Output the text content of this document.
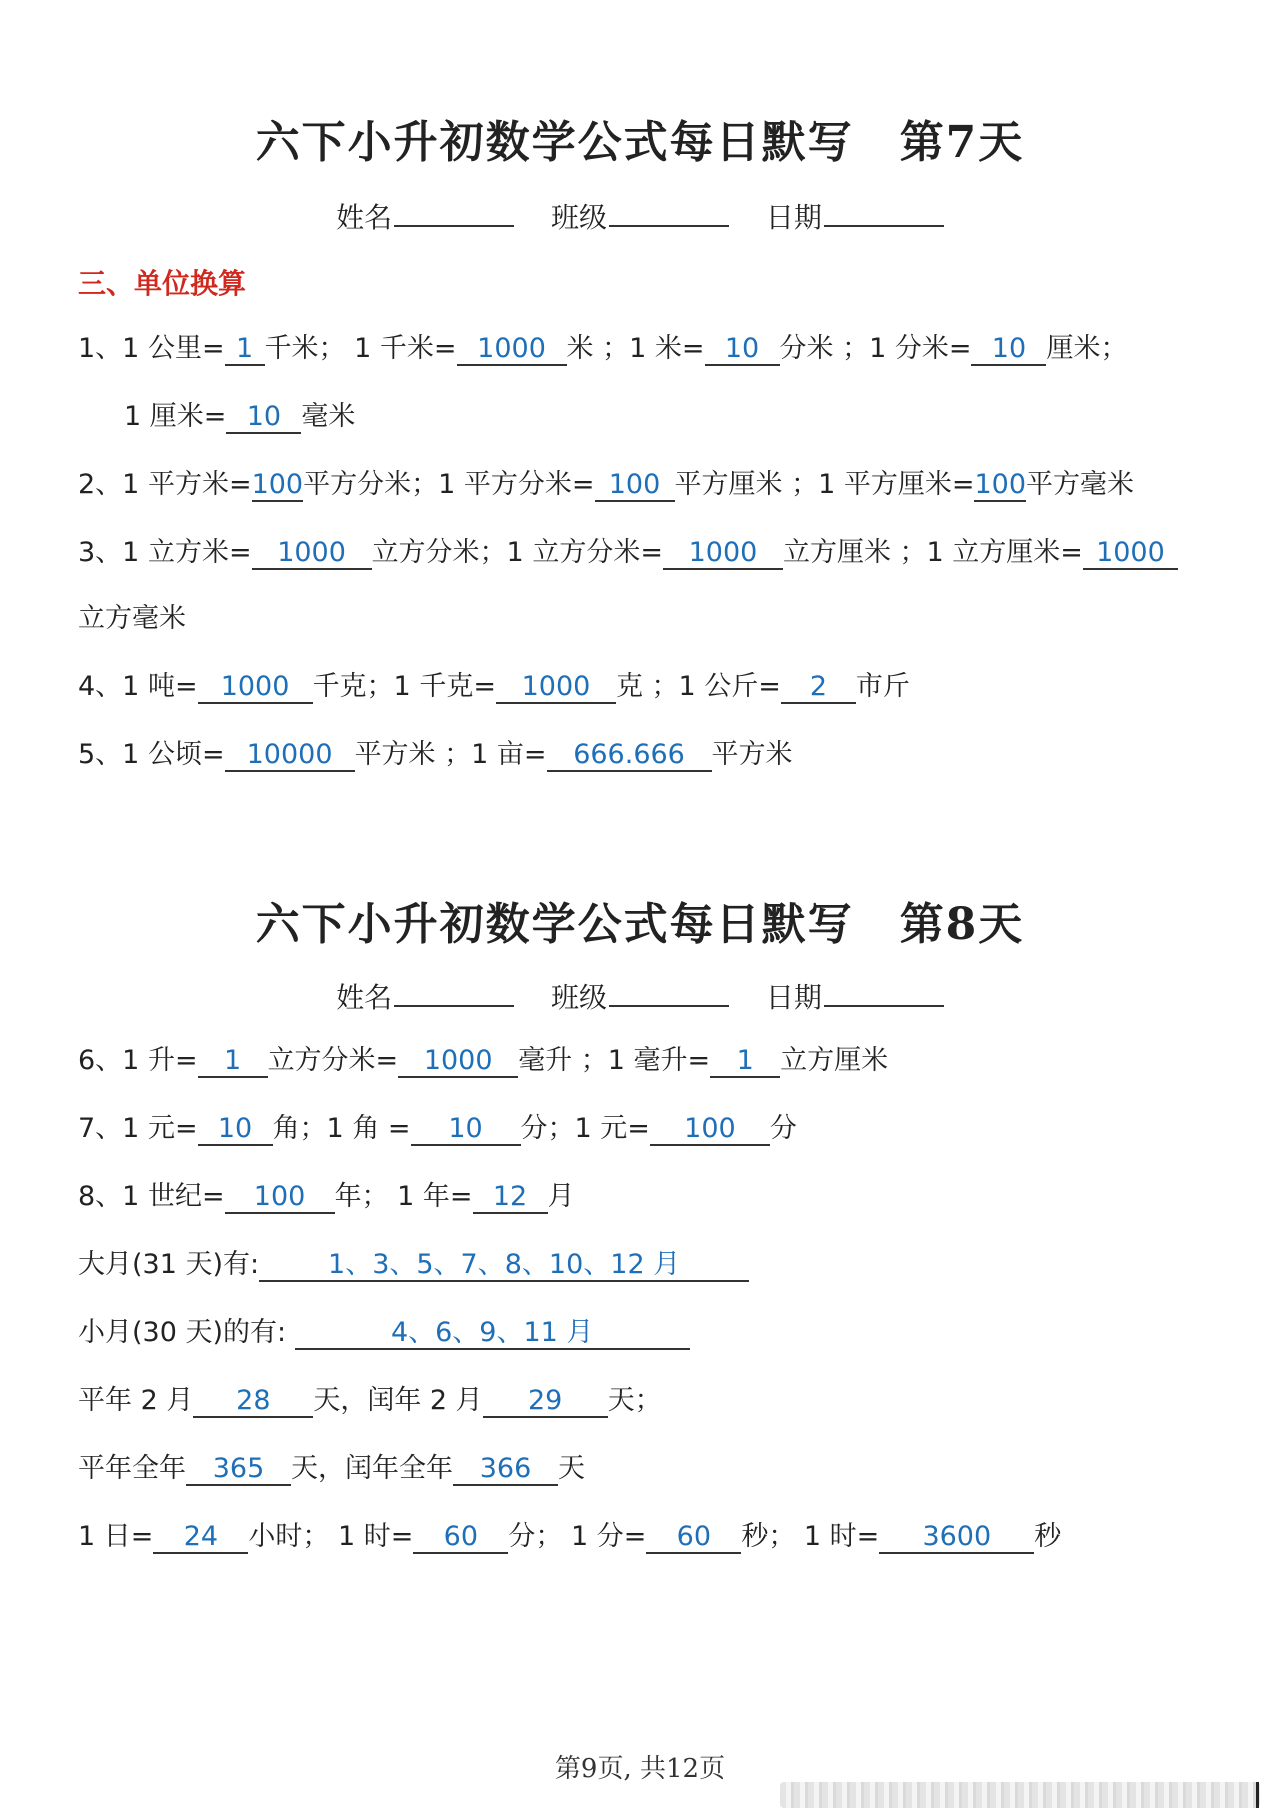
六下小升初数学公式每日默写 第7天
姓名	班级	日期
三、单位换算
1、1 公里= 1 千米； 1 千米= 1000 米 ；1 米= 10 分米 ；1 分米= 10 厘米；
1 厘米= 10 毫米
2、1 平方米=100平方分米；1 平方分米= 100 平方厘米 ；1 平方厘米=100平方毫米
3、1 立方米= 1000 立方分米；1 立方分米= 1000 立方厘米 ；1 立方厘米= 1000
立方毫米
4、1 吨= 1000 千克；1 千克= 1000 克 ；1 公斤= 2 市斤
5、1 公顷= 10000 平方米 ；1 亩= 666.666 平方米
六下小升初数学公式每日默写 第8天
姓名	班级	日期
6、1 升= 1 立方分米= 1000 毫升 ；1 毫升= 1 立方厘米
7、1 元= 10 角；1 角 = 10 分；1 元= 100 分
8、1 世纪= 100 年； 1 年= 12 月
大月(31 天)有:	1、3、5、7、8、10、12 月
小月(30 天)的有:	4、6、9、11 月
平年 2 月 28 天，闰年 2 月 29 天；
平年全年 365 天，闰年全年 366 天
1 日= 24 小时； 1 时= 60 分； 1 分= 60 秒； 1 时= 3600 秒
第9页, 共12页
